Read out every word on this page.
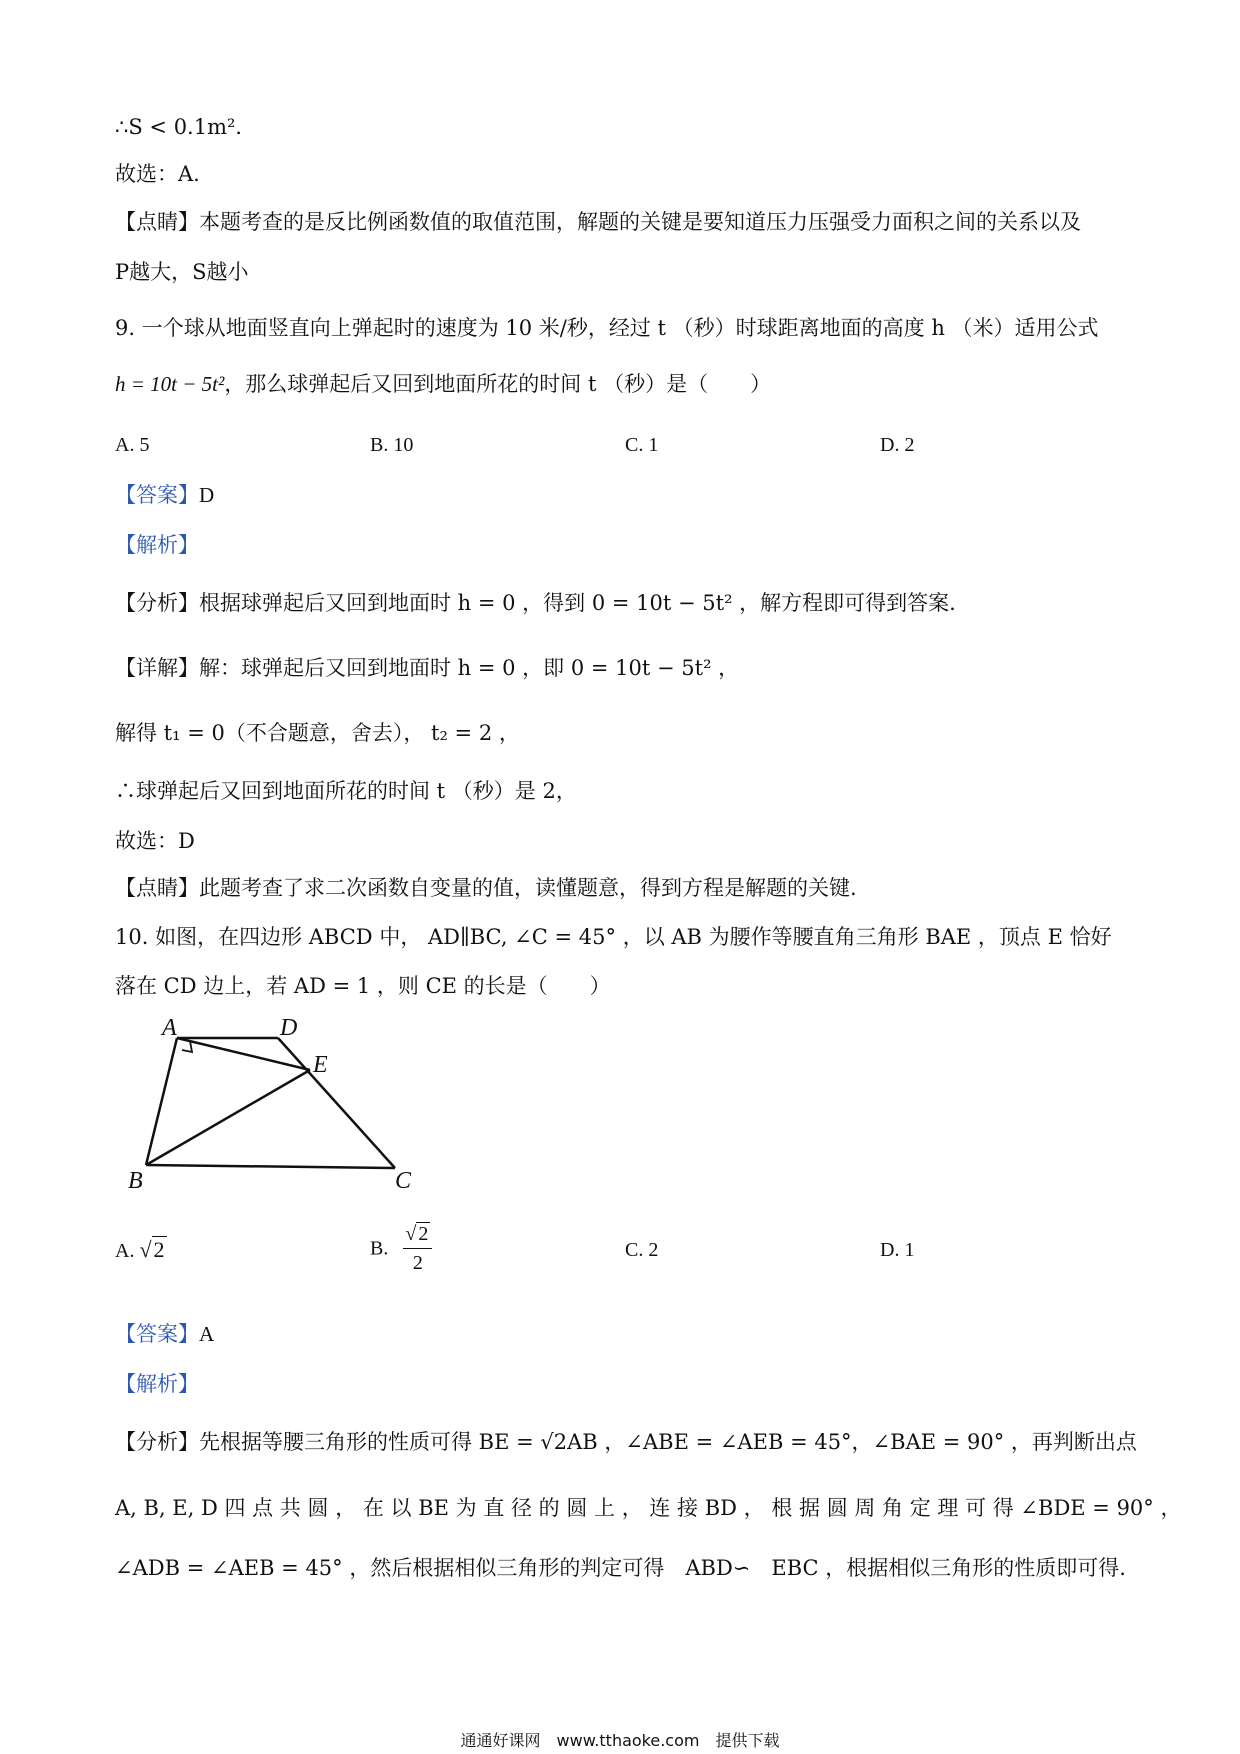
∴S < 0.1m²．
故选：A.
【点睛】本题考查的是反比例函数值的取值范围，解题的关键是要知道压力压强受力面积之间的关系以及
P越大，S越小
9. 一个球从地面竖直向上弹起时的速度为 10 米/秒，经过 t （秒）时球距离地面的高度 h （米）适用公式
h = 10t − 5t²，那么球弹起后又回到地面所花的时间 t （秒）是（　　）
A. 5	B. 10	C. 1	D. 2
【答案】D
【解析】
【分析】根据球弹起后又回到地面时 h = 0 ，得到 0 = 10t − 5t² ，解方程即可得到答案.
【详解】解：球弹起后又回到地面时 h = 0 ，即 0 = 10t − 5t² ，
解得 t₁ = 0（不合题意，舍去）， t₂ = 2 ，
∴球弹起后又回到地面所花的时间 t （秒）是 2，
故选：D
【点睛】此题考查了求二次函数自变量的值，读懂题意，得到方程是解题的关键.
10. 如图，在四边形 ABCD 中， AD∥BC, ∠C = 45° ，以 AB 为腰作等腰直角三角形 BAE ，顶点 E 恰好
落在 CD 边上，若 AD = 1 ，则 CE 的长是（　　）
A	D
E
B	C
A. √2	B. $\frac{√ 2}{2}$	C. 2	D. 1
【答案】A
【解析】
【分析】先根据等腰三角形的性质可得 BE = √2AB ，∠ABE = ∠AEB = 45°，∠BAE = 90° ，再判断出点
A, B, E, D 四 点 共 圆 ， 在 以 BE 为 直 径 的 圆 上 ， 连 接 BD ， 根 据 圆 周 角 定 理 可 得 ∠BDE = 90° ，
∠ADB = ∠AEB = 45° ，然后根据相似三角形的判定可得　ABD∽　EBC ，根据相似三角形的性质即可得.
通通好课网　www.tthaoke.com　提供下载
